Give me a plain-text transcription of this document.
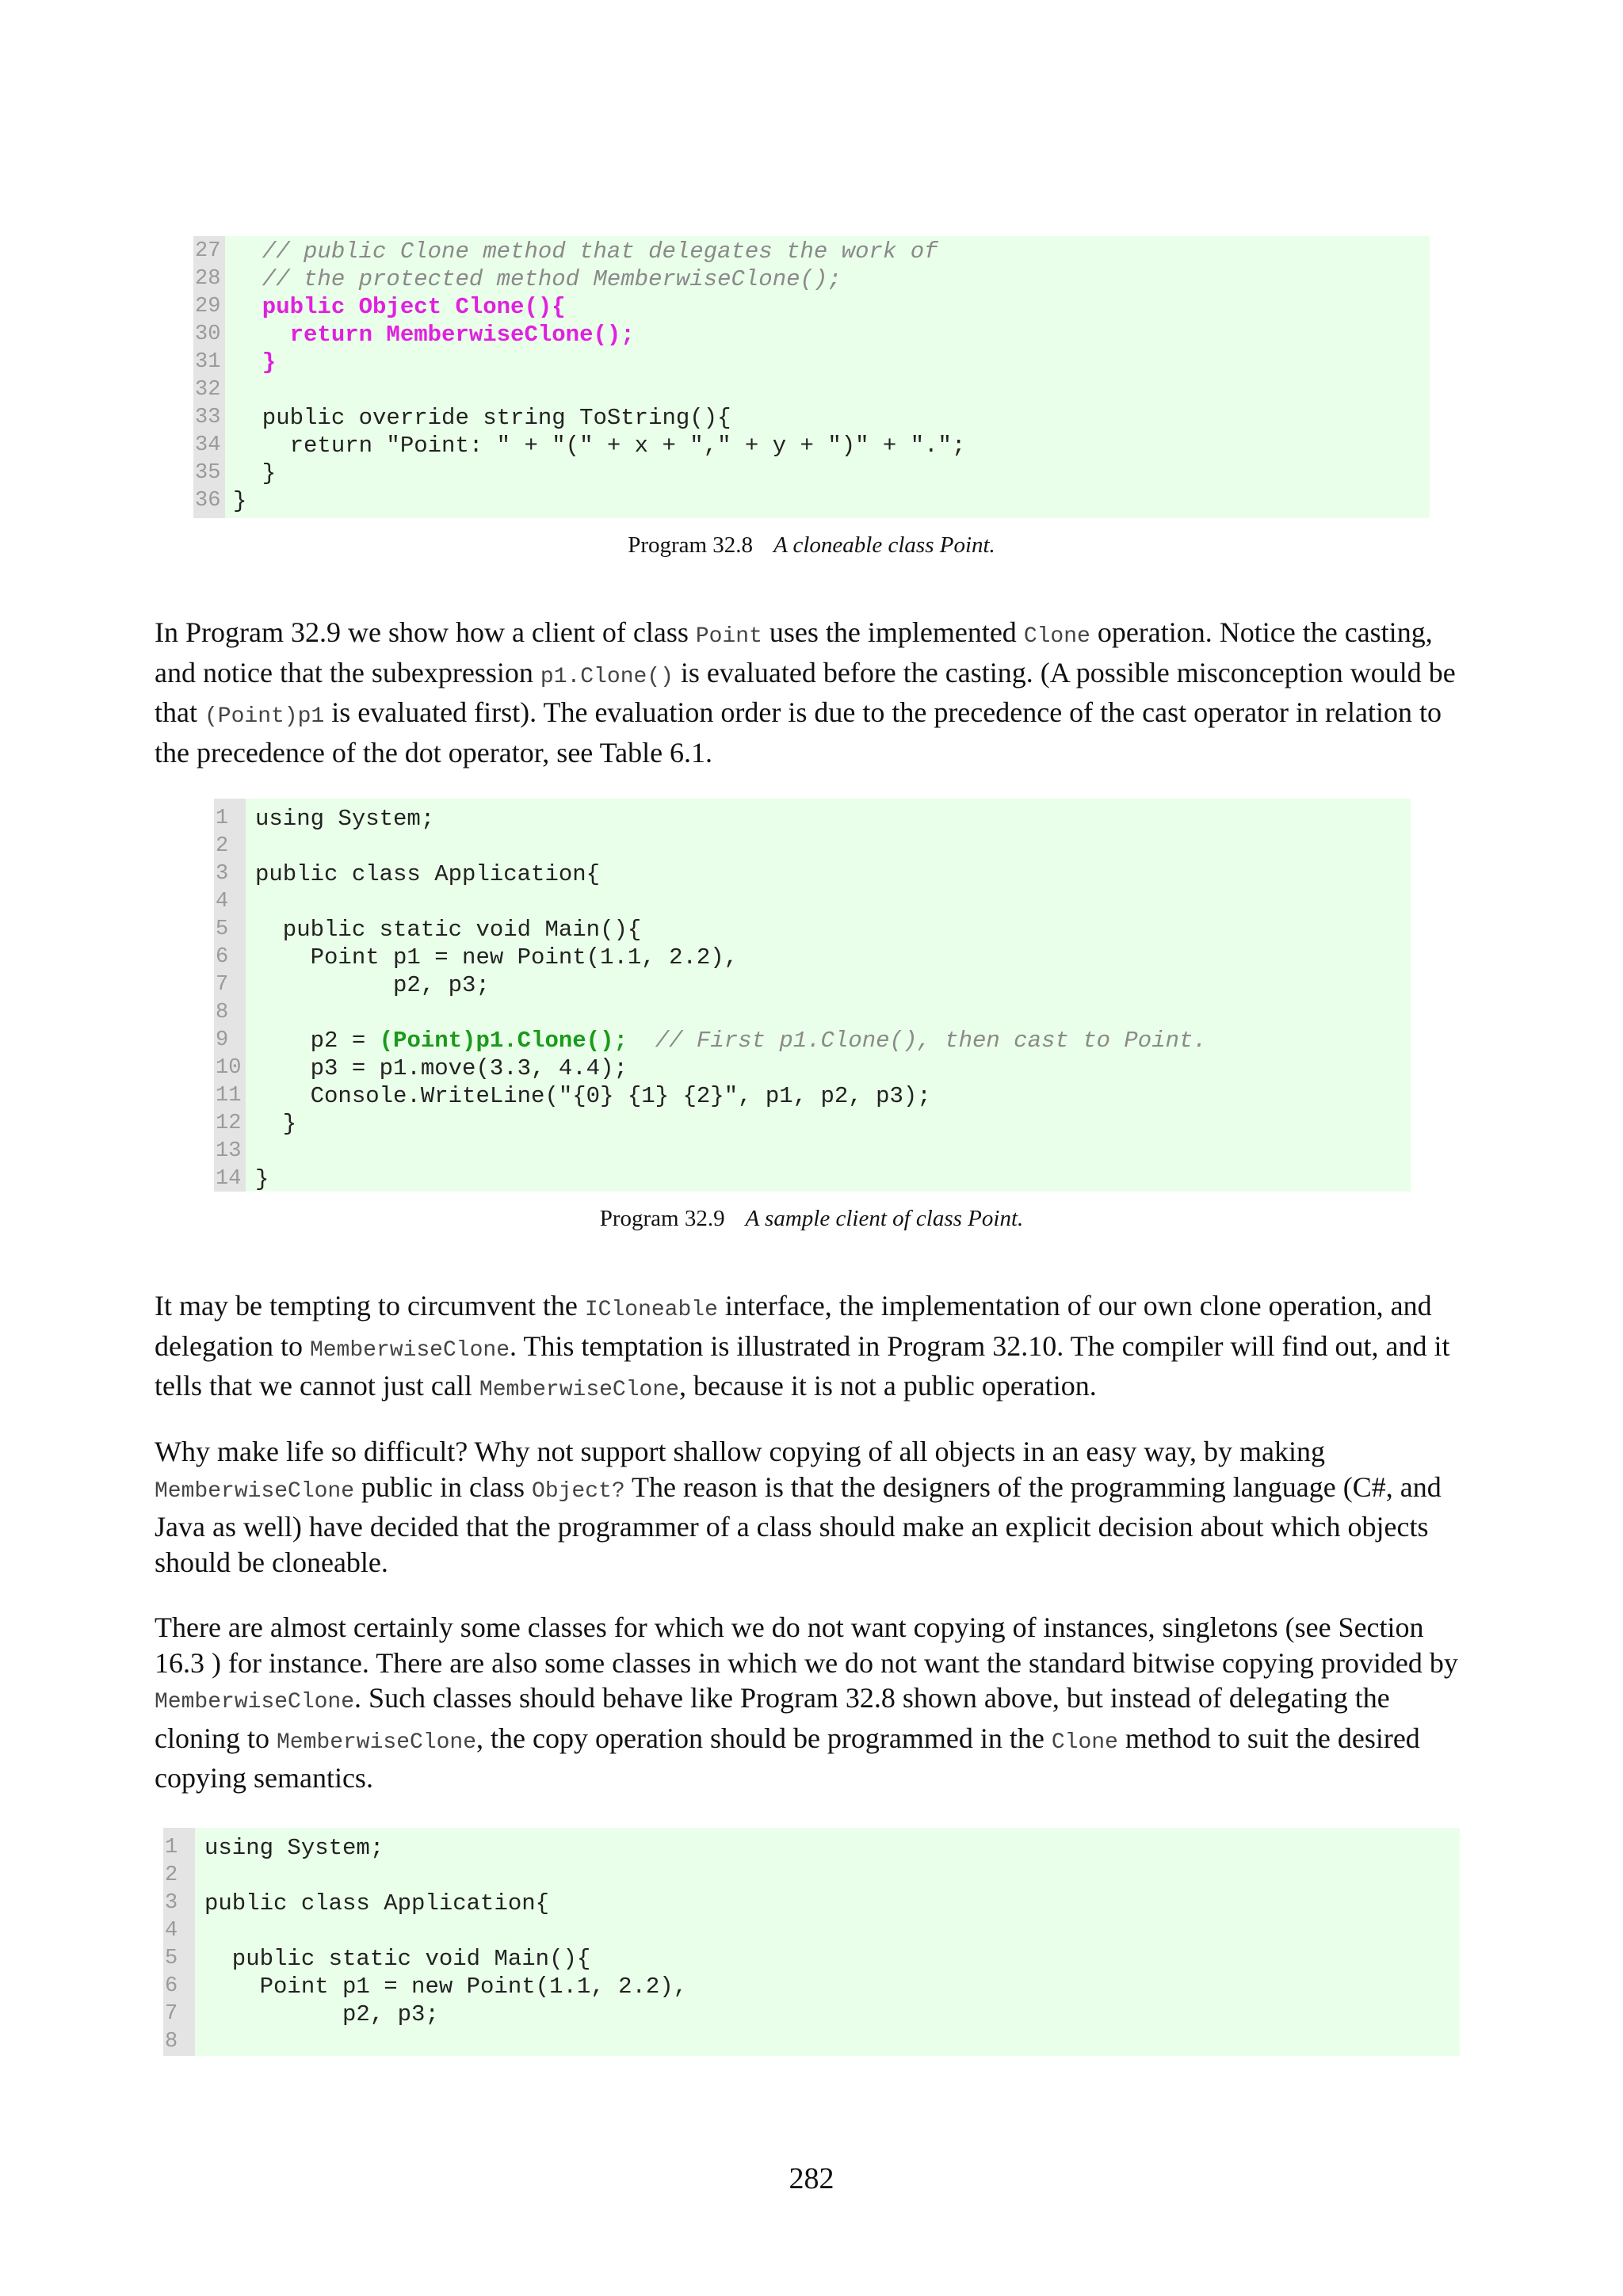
27 // public Clone method that delegates the work of
28 // the protected method MemberwiseClone();
29 public Object Clone(){
30 return MemberwiseClone();
31 }
32
33 public override string ToString(){
34 return "Point: " + "(" + x + "," + y + ")" + ".";
35 }
36 }
Program 32.8 A cloneable class Point.
In Program 32.9 we show how a client of class Point uses the implemented Clone operation. Notice the casting, and notice that the subexpression p1.Clone() is evaluated before the casting. (A possible misconception would be that (Point)p1 is evaluated first). The evaluation order is due to the precedence of the cast operator in relation to the precedence of the dot operator, see Table 6.1.
1	using System;
2
3	public class Application{
4
5	public static void Main(){
6	Point p1 = new Point(1.1, 2.2),
7	p2, p3;
8
9	p2 = (Point)p1.Clone();  // First p1.Clone(), then cast to Point.
10 p3 = p1.move(3.3, 4.4);
11 Console.WriteLine("{0} {1} {2}", p1, p2, p3);
12 }
13
14 }
Program 32.9 A sample client of class Point.
It may be tempting to circumvent the ICloneable interface, the implementation of our own clone operation, and delegation to MemberwiseClone. This temptation is illustrated in Program 32.10. The compiler will find out, and it tells that we cannot just call MemberwiseClone, because it is not a public operation.
Why make life so difficult? Why not support shallow copying of all objects in an easy way, by making MemberwiseClone public in class Object? The reason is that the designers of the programming language (C#, and Java as well) have decided that the programmer of a class should make an explicit decision about which objects should be cloneable.
There are almost certainly some classes for which we do not want copying of instances, singletons (see Section 16.3 ) for instance. There are also some classes in which we do not want the standard bitwise copying provided by MemberwiseClone. Such classes should behave like Program 32.8 shown above, but instead of delegating the cloning to MemberwiseClone, the copy operation should be programmed in the Clone method to suit the desired copying semantics.
1	using System;
2
3	public class Application{
4
5	public static void Main(){
6	Point p1 = new Point(1.1, 2.2),
7	p2, p3;
8
282
